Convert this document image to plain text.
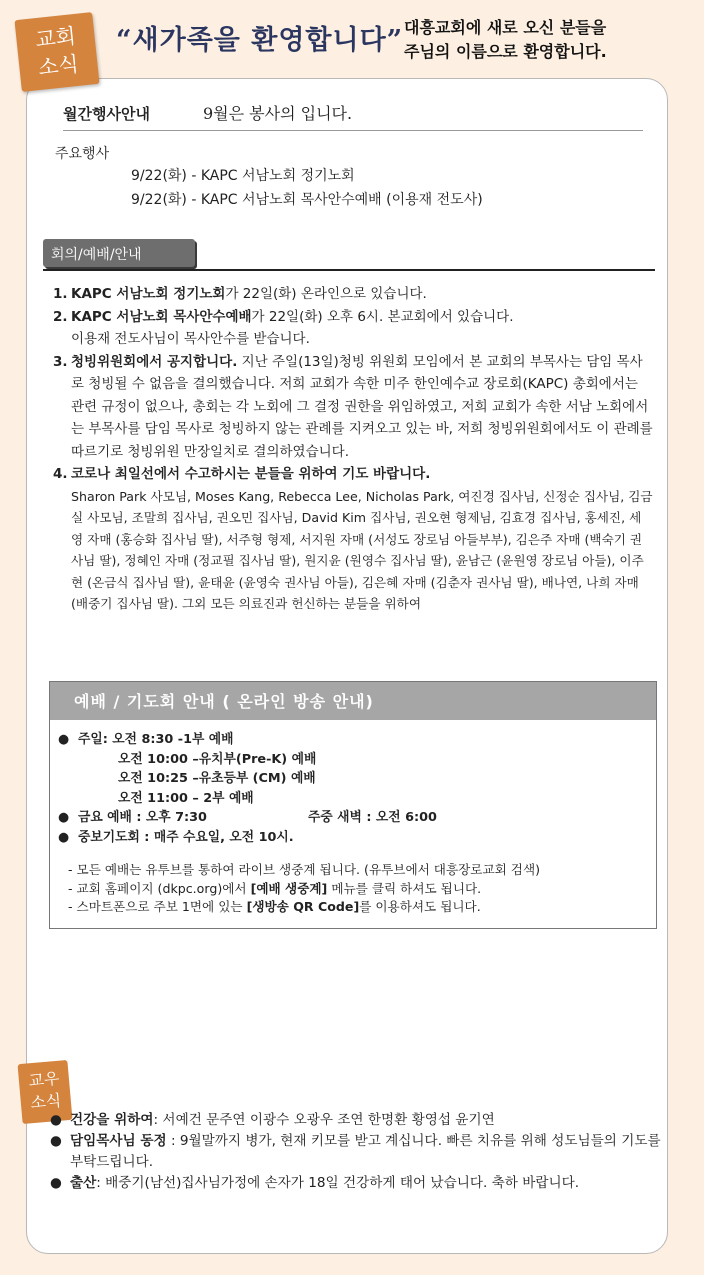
교회
소식
“새가족을 환영합니다” 대흥교회에 새로 오신 분들을
주님의 이름으로 환영합니다.
월간행사안내	9월은 봉사의 입니다.
주요행사
9/22(화) - KAPC 서남노회 정기노회
9/22(화) - KAPC 서남노회 목사안수예배 (이용재 전도사)
회의/예배/안내
1. KAPC 서남노회 정기노회가 22일(화) 온라인으로 있습니다.
2. KAPC 서남노회 목사안수예배가 22일(화) 오후 6시. 본교회에서 있습니다.
이용재 전도사님이 목사안수를 받습니다.
3. 청빙위원회에서 공지합니다. 지난 주일(13일)청빙 위원회 모임에서 본 교회의 부목사는 담임 목사로 청빙될 수 없음을 결의했습니다. 저희 교회가 속한 미주 한인예수교 장로회(KAPC) 총회에서는 관련 규정이 없으나, 총회는 각 노회에 그 결정 권한을 위임하였고, 저희 교회가 속한 서남 노회에서는 부목사를 담임 목사로 청빙하지 않는 관례를 지켜오고 있는 바, 저희 청빙위원회에서도 이 관례를 따르기로 청빙위원 만장일치로 결의하였습니다.
4. 코로나 최일선에서 수고하시는 분들을 위하여 기도 바랍니다.
Sharon Park 사모님, Moses Kang, Rebecca Lee, Nicholas Park, 여진경 집사님, 신정순 집사님, 김금실 사모님, 조말희 집사님, 권오민 집사님, David Kim 집사님, 권오현 형제님, 김효경 집사님, 홍세진, 세영 자매 (홍승화 집사님 딸), 서주형 형제, 서지원 자매 (서성도 장로님 아들부부), 김은주 자매 (백숙기 권사님 딸), 정혜인 자매 (정교필 집사님 딸), 원지윤 (원영수 집사님 딸), 윤남근 (윤원영 장로님 아들), 이주현 (온금식 집사님 딸), 윤태윤 (윤영숙 권사님 아들), 김은혜 자매 (김춘자 권사님 딸), 배나연, 나희 자매 (배중기 집사님 딸). 그외 모든 의료진과 헌신하는 분들을 위하여
예배 / 기도회 안내 ( 온라인 방송 안내)
● 주일: 오전 8:30 -1부 예배
오전 10:00 –유치부(Pre-K) 예배
오전 10:25 –유초등부 (CM) 예배
오전 11:00 – 2부 예배
● 금요 예배 : 오후 7:30	주중 새벽 : 오전 6:00
● 중보기도회 : 매주 수요일, 오전 10시.
- 모든 예배는 유투브를 통하여 라이브 생중계 됩니다. (유투브에서 대흥장로교회 검색)
- 교회 홈페이지 (dkpc.org)에서 [예배 생중계] 메뉴를 클릭 하셔도 됩니다.
- 스마트폰으로 주보 1면에 있는 [생방송 QR Code]를 이용하셔도 됩니다.
교우
소식
● 건강을 위하여: 서예건 문주연 이광수 오광우 조연 한명환 황영섭 윤기연
● 담임목사님 동정 : 9월말까지 병가, 현재 키모를 받고 계십니다. 빠른 치유를 위해 성도님들의 기도를 부탁드립니다.
● 출산: 배중기(남선)집사님가정에 손자가 18일 건강하게 태어 났습니다. 축하 바랍니다.
